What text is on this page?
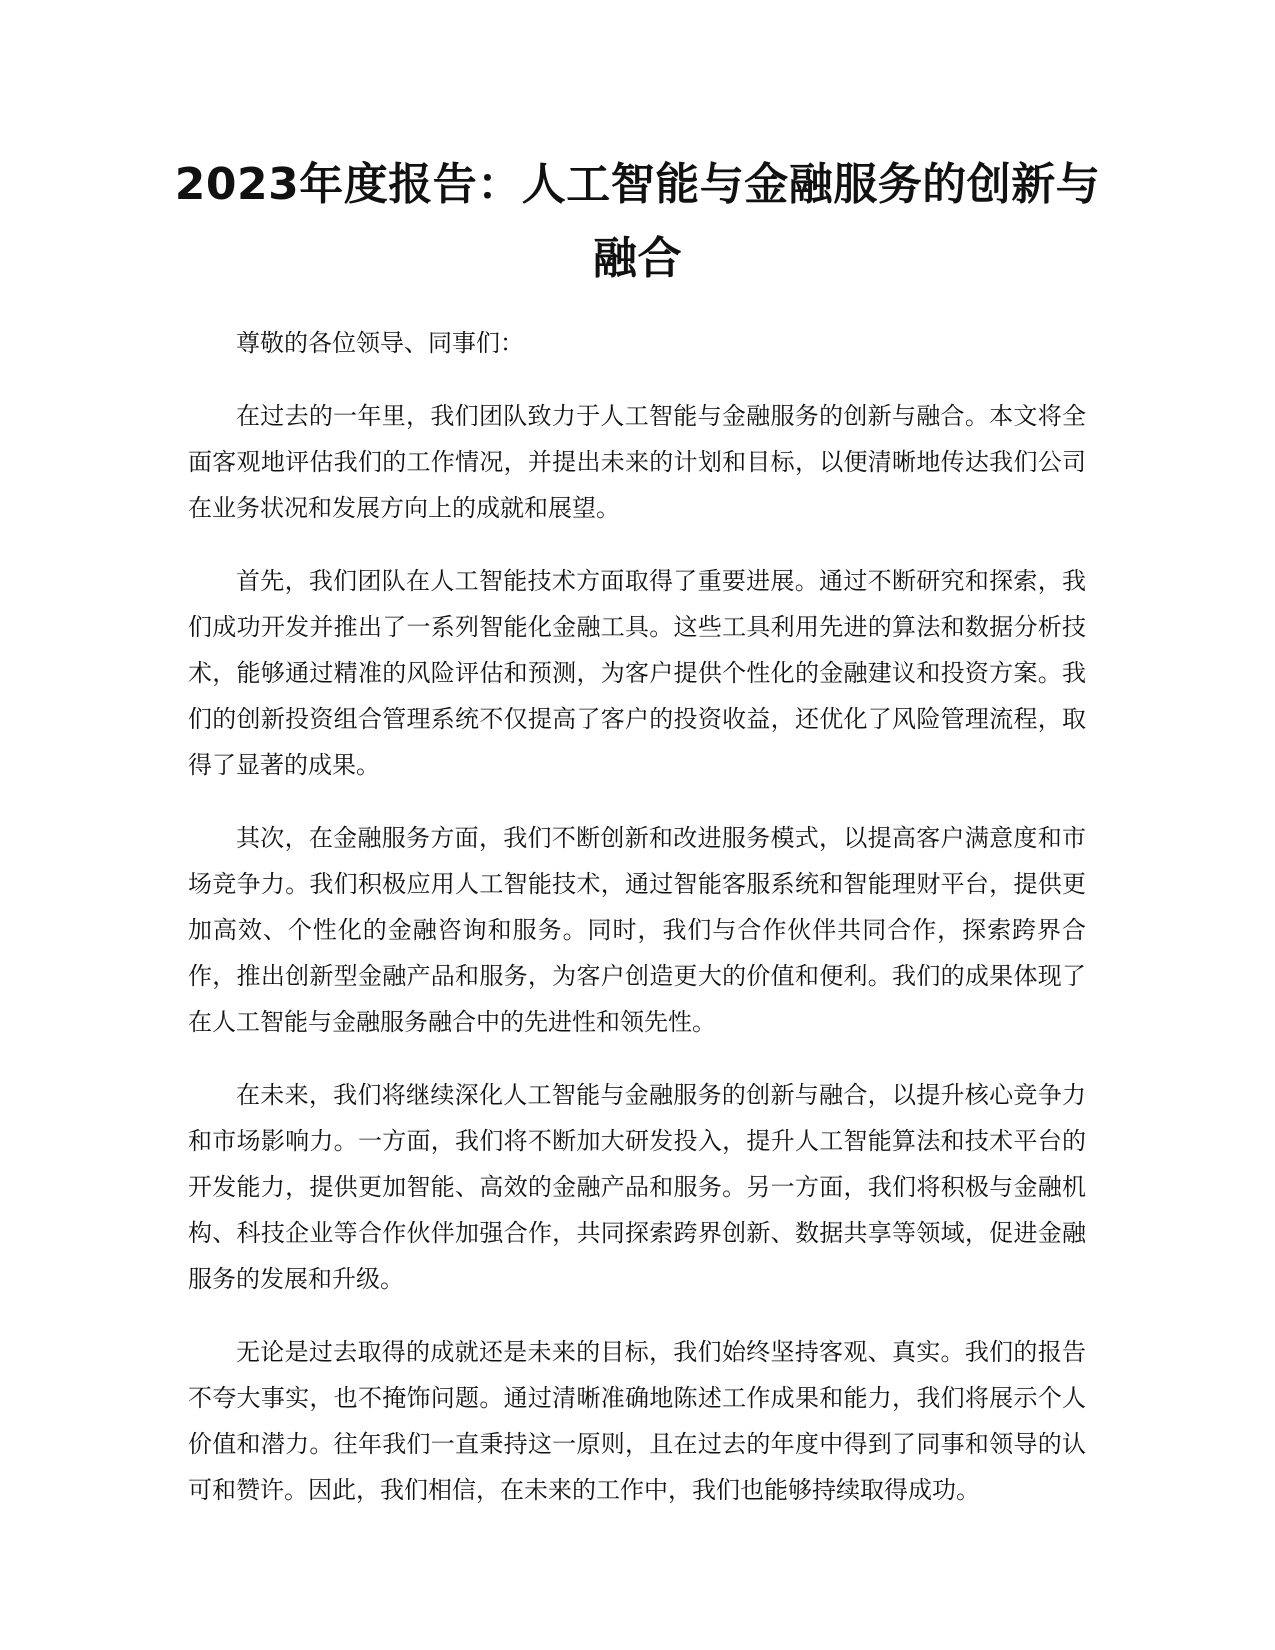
2023年度报告：人工智能与金融服务的创新与融合

尊敬的各位领导、同事们：

在过去的一年里，我们团队致力于人工智能与金融服务的创新与融合。本文将全面客观地评估我们的工作情况，并提出未来的计划和目标，以便清晰地传达我们公司在业务状况和发展方向上的成就和展望。

首先，我们团队在人工智能技术方面取得了重要进展。通过不断研究和探索，我们成功开发并推出了一系列智能化金融工具。这些工具利用先进的算法和数据分析技术，能够通过精准的风险评估和预测，为客户提供个性化的金融建议和投资方案。我们的创新投资组合管理系统不仅提高了客户的投资收益，还优化了风险管理流程，取得了显著的成果。

其次，在金融服务方面，我们不断创新和改进服务模式，以提高客户满意度和市场竞争力。我们积极应用人工智能技术，通过智能客服系统和智能理财平台，提供更加高效、个性化的金融咨询和服务。同时，我们与合作伙伴共同合作，探索跨界合作，推出创新型金融产品和服务，为客户创造更大的价值和便利。我们的成果体现了在人工智能与金融服务融合中的先进性和领先性。

在未来，我们将继续深化人工智能与金融服务的创新与融合，以提升核心竞争力和市场影响力。一方面，我们将不断加大研发投入，提升人工智能算法和技术平台的开发能力，提供更加智能、高效的金融产品和服务。另一方面，我们将积极与金融机构、科技企业等合作伙伴加强合作，共同探索跨界创新、数据共享等领域，促进金融服务的发展和升级。

无论是过去取得的成就还是未来的目标，我们始终坚持客观、真实。我们的报告不夸大事实，也不掩饰问题。通过清晰准确地陈述工作成果和能力，我们将展示个人价值和潜力。往年我们一直秉持这一原则，且在过去的年度中得到了同事和领导的认可和赞许。因此，我们相信，在未来的工作中，我们也能够持续取得成功。
